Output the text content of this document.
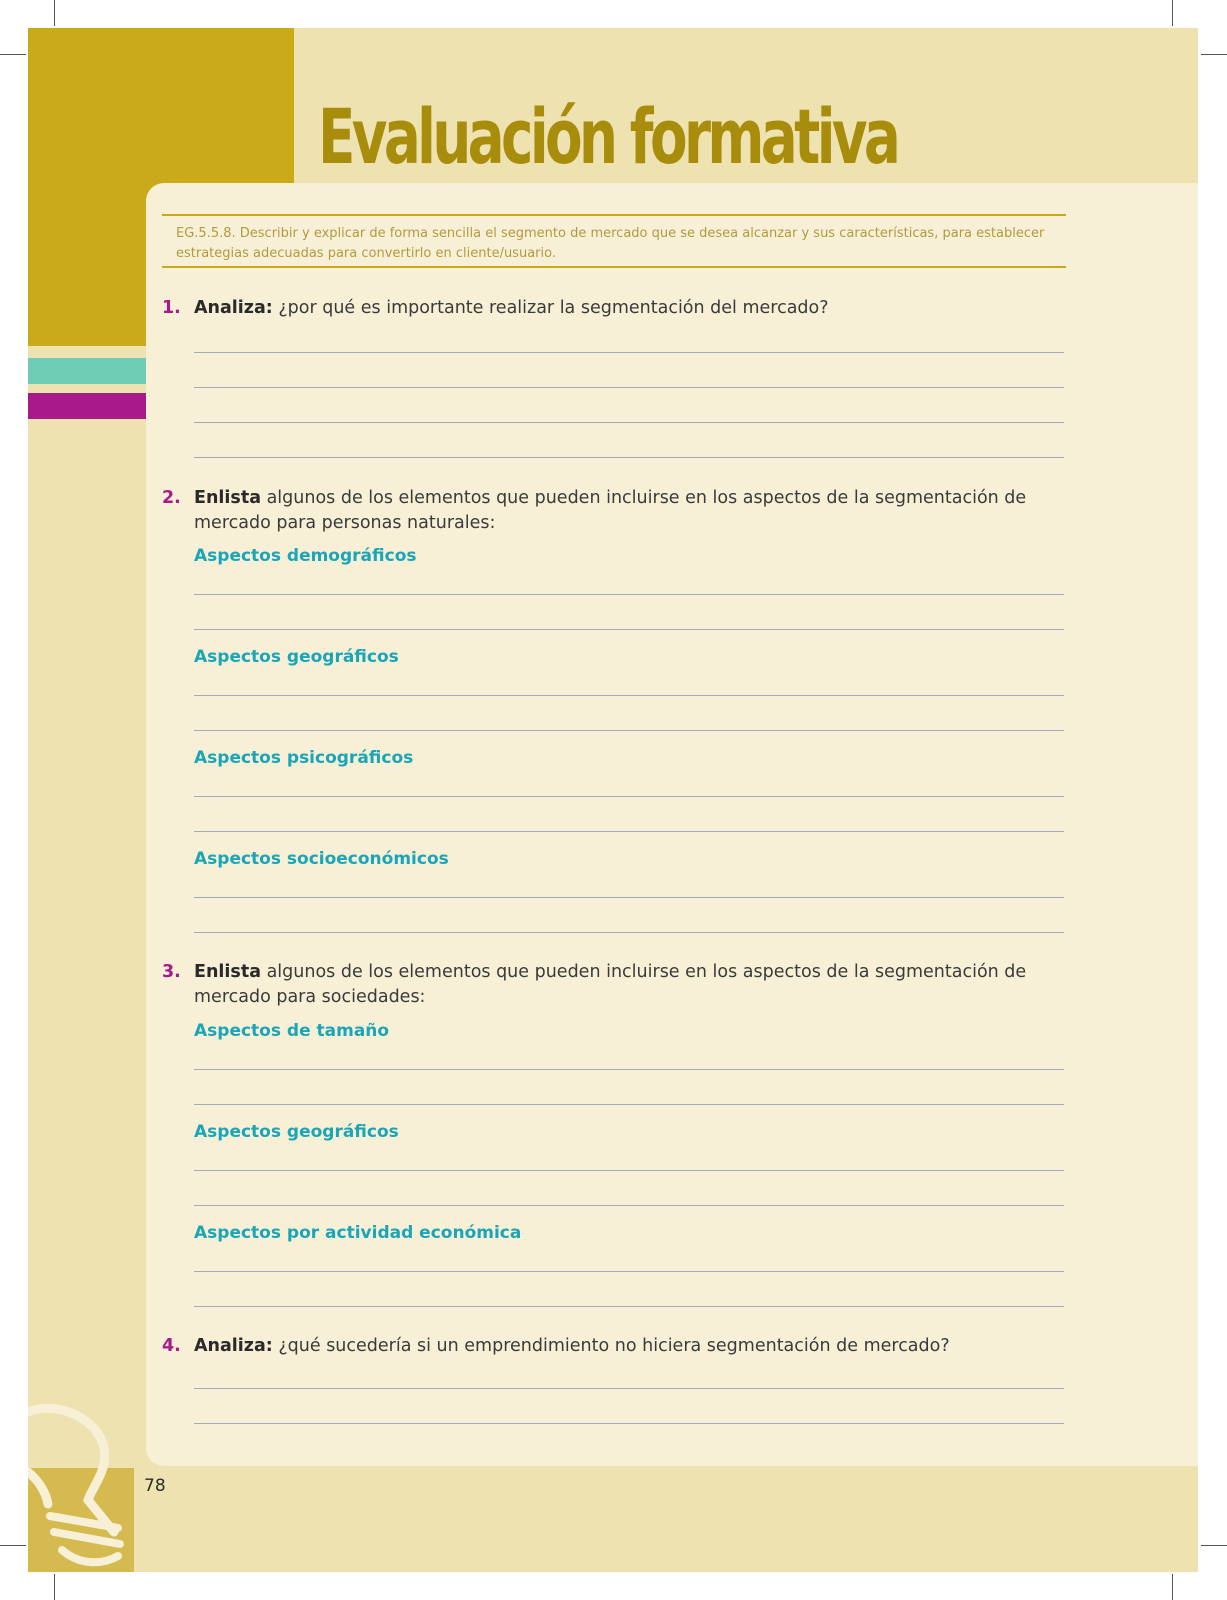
Evaluación formativa
EG.5.5.8. Describir y explicar de forma sencilla el segmento de mercado que se desea alcanzar y sus características, para establecer estrategias adecuadas para convertirlo en cliente/usuario.
1. Analiza: ¿por qué es importante realizar la segmentación del mercado?
2. Enlista algunos de los elementos que pueden incluirse en los aspectos de la segmentación de mercado para personas naturales:
Aspectos demográficos
Aspectos geográficos
Aspectos psicográficos
Aspectos socioeconómicos
3. Enlista algunos de los elementos que pueden incluirse en los aspectos de la segmentación de mercado para sociedades:
Aspectos de tamaño
Aspectos geográficos
Aspectos por actividad económica
4. Analiza: ¿qué sucedería si un emprendimiento no hiciera segmentación de mercado?
78
